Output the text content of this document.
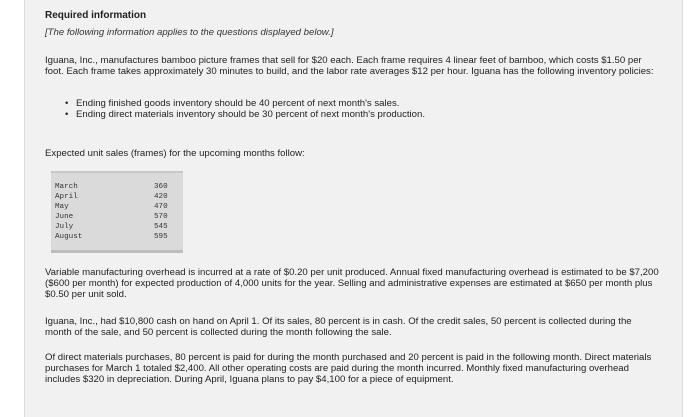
Required information

[The following information applies to the questions displayed below.]

Iguana, Inc., manufactures bamboo picture frames that sell for $20 each. Each frame requires 4 linear feet of bamboo, which costs $1.50 per foot. Each frame takes approximately 30 minutes to build, and the labor rate averages $12 per hour. Iguana has the following inventory policies:

• Ending finished goods inventory should be 40 percent of next month's sales.
• Ending direct materials inventory should be 30 percent of next month's production.

Expected unit sales (frames) for the upcoming months follow:

March	360
April	420
May	470
June	570
July	545
August	595

Variable manufacturing overhead is incurred at a rate of $0.20 per unit produced. Annual fixed manufacturing overhead is estimated to be $7,200 ($600 per month) for expected production of 4,000 units for the year. Selling and administrative expenses are estimated at $650 per month plus $0.50 per unit sold.

Iguana, Inc., had $10,800 cash on hand on April 1. Of its sales, 80 percent is in cash. Of the credit sales, 50 percent is collected during the month of the sale, and 50 percent is collected during the month following the sale.

Of direct materials purchases, 80 percent is paid for during the month purchased and 20 percent is paid in the following month. Direct materials purchases for March 1 totaled $2,400. All other operating costs are paid during the month incurred. Monthly fixed manufacturing overhead includes $320 in depreciation. During April, Iguana plans to pay $4,100 for a piece of equipment.
